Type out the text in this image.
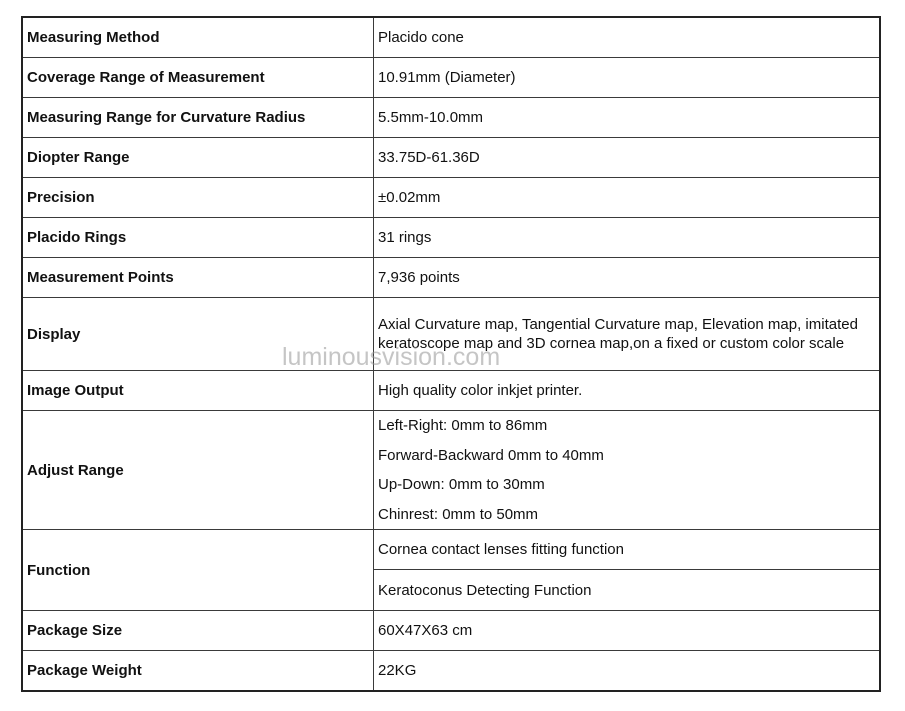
Measuring Method	Placido cone
Coverage Range of Measurement	10.91mm (Diameter)
Measuring Range for Curvature Radius	5.5mm-10.0mm
Diopter Range	33.75D-61.36D
Precision	±0.02mm
Placido Rings	31 rings
Measurement Points	7,936 points
Display	Axial Curvature map, Tangential Curvature map, Elevation map, imitated keratoscope map and 3D cornea map,on a fixed or custom color scale
Image Output	High quality color inkjet printer.
Adjust Range	Left-Right: 0mm to 86mm
Forward-Backward 0mm to 40mm
Up-Down: 0mm to 30mm
Chinrest: 0mm to 50mm

Function	Cornea contact lenses fitting function
	Keratoconus Detecting Function
Package Size	60X47X63 cm
Package Weight	22KG
luminousvision.com
